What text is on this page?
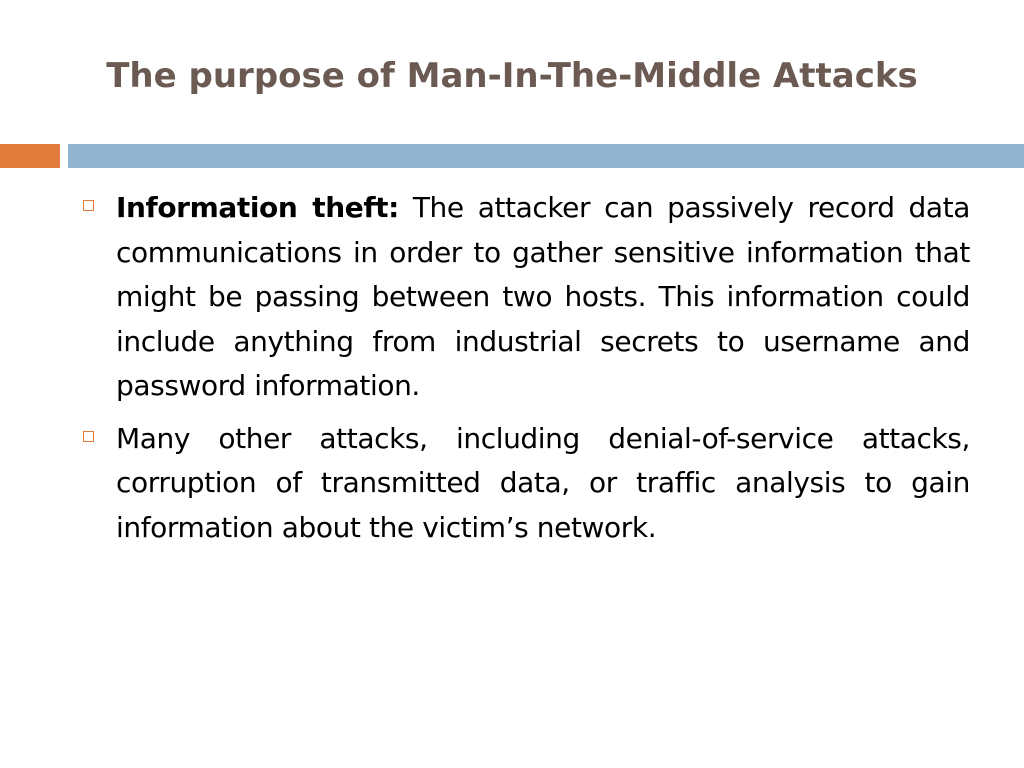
The purpose of Man-In-The-Middle Attacks
Information theft: The attacker can passively record data communications in order to gather sensitive information that might be passing between two hosts. This information could include anything from industrial secrets to username and password information.
Many other attacks, including denial-of-service attacks, corruption of transmitted data, or traffic analysis to gain information about the victim’s network.
